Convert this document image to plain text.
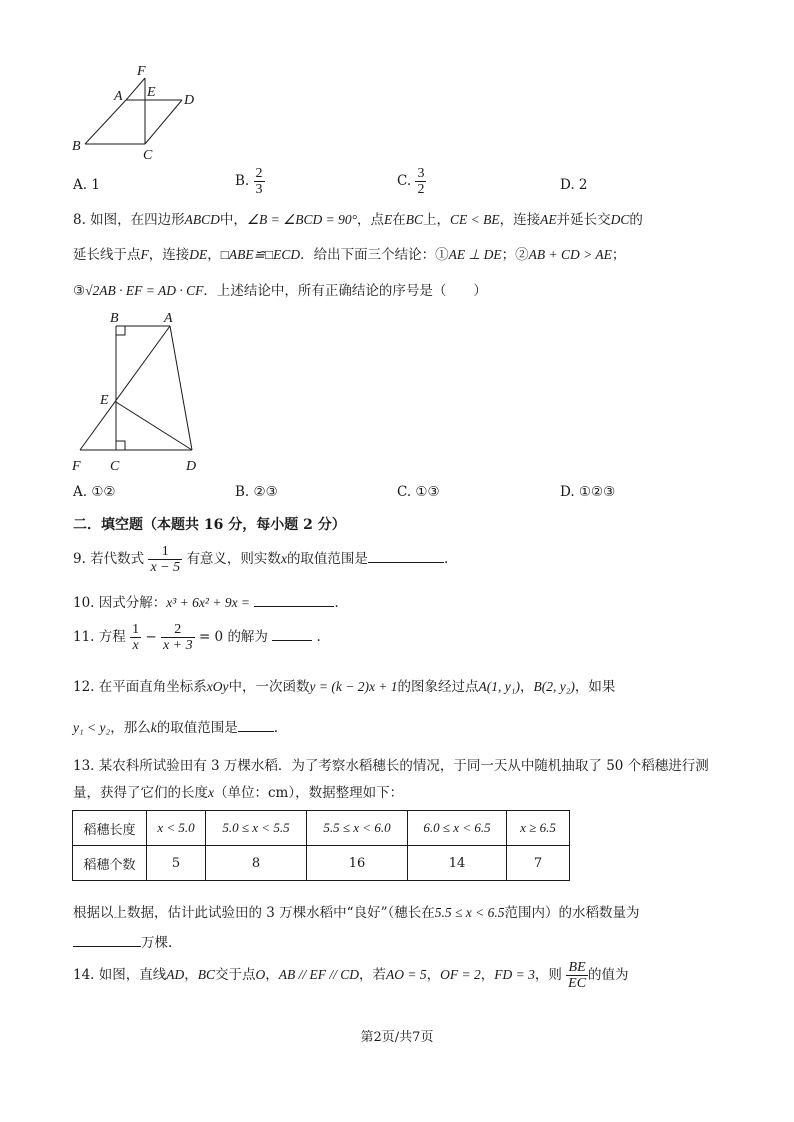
F
A E
D
B
C
A. 1	B. $\frac{2}{3}$	C. $\frac{3}{2}$	D. 2
8. 如图，在四边形ABCD中，∠B = ∠BCD = 90°，点E在BC上，CE < BE，连接AE并延长交DC的
延长线于点F，连接DE，□ABE≌□ECD．给出下面三个结论：①AE ⊥ DE；②AB + CD > AE；
③√2AB · EF = AD · CF．上述结论中，所有正确结论的序号是（　　）
B	A
E
F C	D
A. ①②	B. ②③	C. ①③	D. ①②③
二．填空题（本题共 16 分，每小题 2 分）
9. 若代数式 $\frac{1}{x - 5}$ 有意义，则实数x的取值范围是	.
10. 因式分解：x³ + 6x² + 9x =	.
11. 方程 $\frac{1}{x} - \frac{2}{x + 3} = 0$ 的解为	.
12. 在平面直角坐标系xOy中，一次函数y = (k − 2)x + 1的图象经过点A(1, y₁)，B(2, y₂)，如果
y₁ < y₂，那么k的取值范围是	.
13. 某农科所试验田有 3 万棵水稻．为了考察水稻穗长的情况，于同一天从中随机抽取了 50 个稻穗进行测
量，获得了它们的长度x（单位：cm），数据整理如下：
稻穗长度	x < 5.0	5.0 ≤ x < 5.5	5.5 ≤ x < 6.0	6.0 ≤ x < 6.5	x ≥ 6.5
稻穗个数	5	8	16	14	7
根据以上数据，估计此试验田的 3 万棵水稻中“良好”（穗长在5.5 ≤ x < 6.5范围内）的水稻数量为
万棵.
14. 如图，直线AD，BC交于点O，AB // EF // CD，若AO = 5，OF = 2，FD = 3，则 $\frac{BE}{EC}$ 的值为
第2页/共7页
